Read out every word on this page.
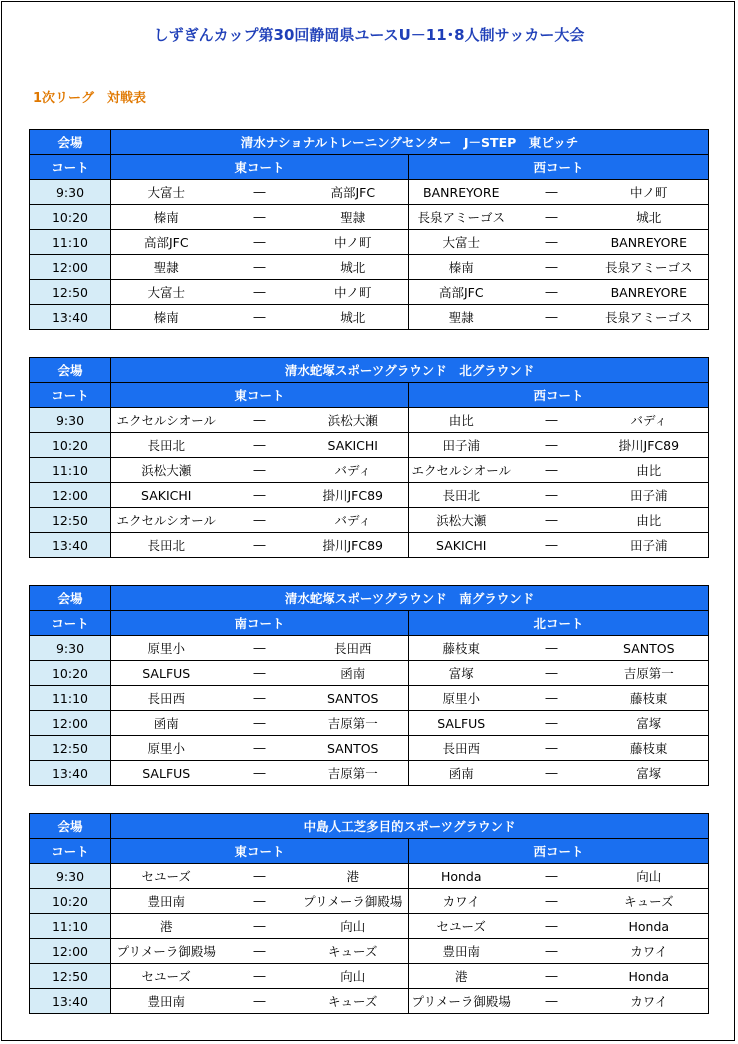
しずぎんカップ第30回静岡県ユースU－11･8人制サッカー大会
1次リーグ　対戦表
会場	清水ナショナルトレーニングセンター　J－STEP　東ピッチ					
コート	東コート			西コート		
9:30	大富士	―	高部JFC	BANREYORE	―	中ノ町
10:20	榛南	―	聖隷	長泉アミーゴス	―	城北
11:10	高部JFC	―	中ノ町	大富士	―	BANREYORE
12:00	聖隷	―	城北	榛南	―	長泉アミーゴス
12:50	大富士	―	中ノ町	高部JFC	―	BANREYORE
13:40	榛南	―	城北	聖隷	―	長泉アミーゴス
会場	清水蛇塚スポーツグラウンド　北グラウンド					
コート	東コート			西コート		
9:30	エクセルシオール	―	浜松大瀬	由比	―	バディ
10:20	長田北	―	SAKICHI	田子浦	―	掛川JFC89
11:10	浜松大瀬	―	バディ	エクセルシオール	―	由比
12:00	SAKICHI	―	掛川JFC89	長田北	―	田子浦
12:50	エクセルシオール	―	バディ	浜松大瀬	―	由比
13:40	長田北	―	掛川JFC89	SAKICHI	―	田子浦
会場	清水蛇塚スポーツグラウンド　南グラウンド					
コート	南コート			北コート		
9:30	原里小	―	長田西	藤枝東	―	SANTOS
10:20	SALFUS	―	函南	富塚	―	吉原第一
11:10	長田西	―	SANTOS	原里小	―	藤枝東
12:00	函南	―	吉原第一	SALFUS	―	富塚
12:50	原里小	―	SANTOS	長田西	―	藤枝東
13:40	SALFUS	―	吉原第一	函南	―	富塚
会場	中島人工芝多目的スポーツグラウンド					
コート	東コート			西コート		
9:30	セユーズ	―	港	Honda	―	向山
10:20	豊田南	―	プリメーラ御殿場	カワイ	―	キューズ
11:10	港	―	向山	セユーズ	―	Honda
12:00	プリメーラ御殿場	―	キューズ	豊田南	―	カワイ
12:50	セユーズ	―	向山	港	―	Honda
13:40	豊田南	―	キューズ	プリメーラ御殿場	―	カワイ
